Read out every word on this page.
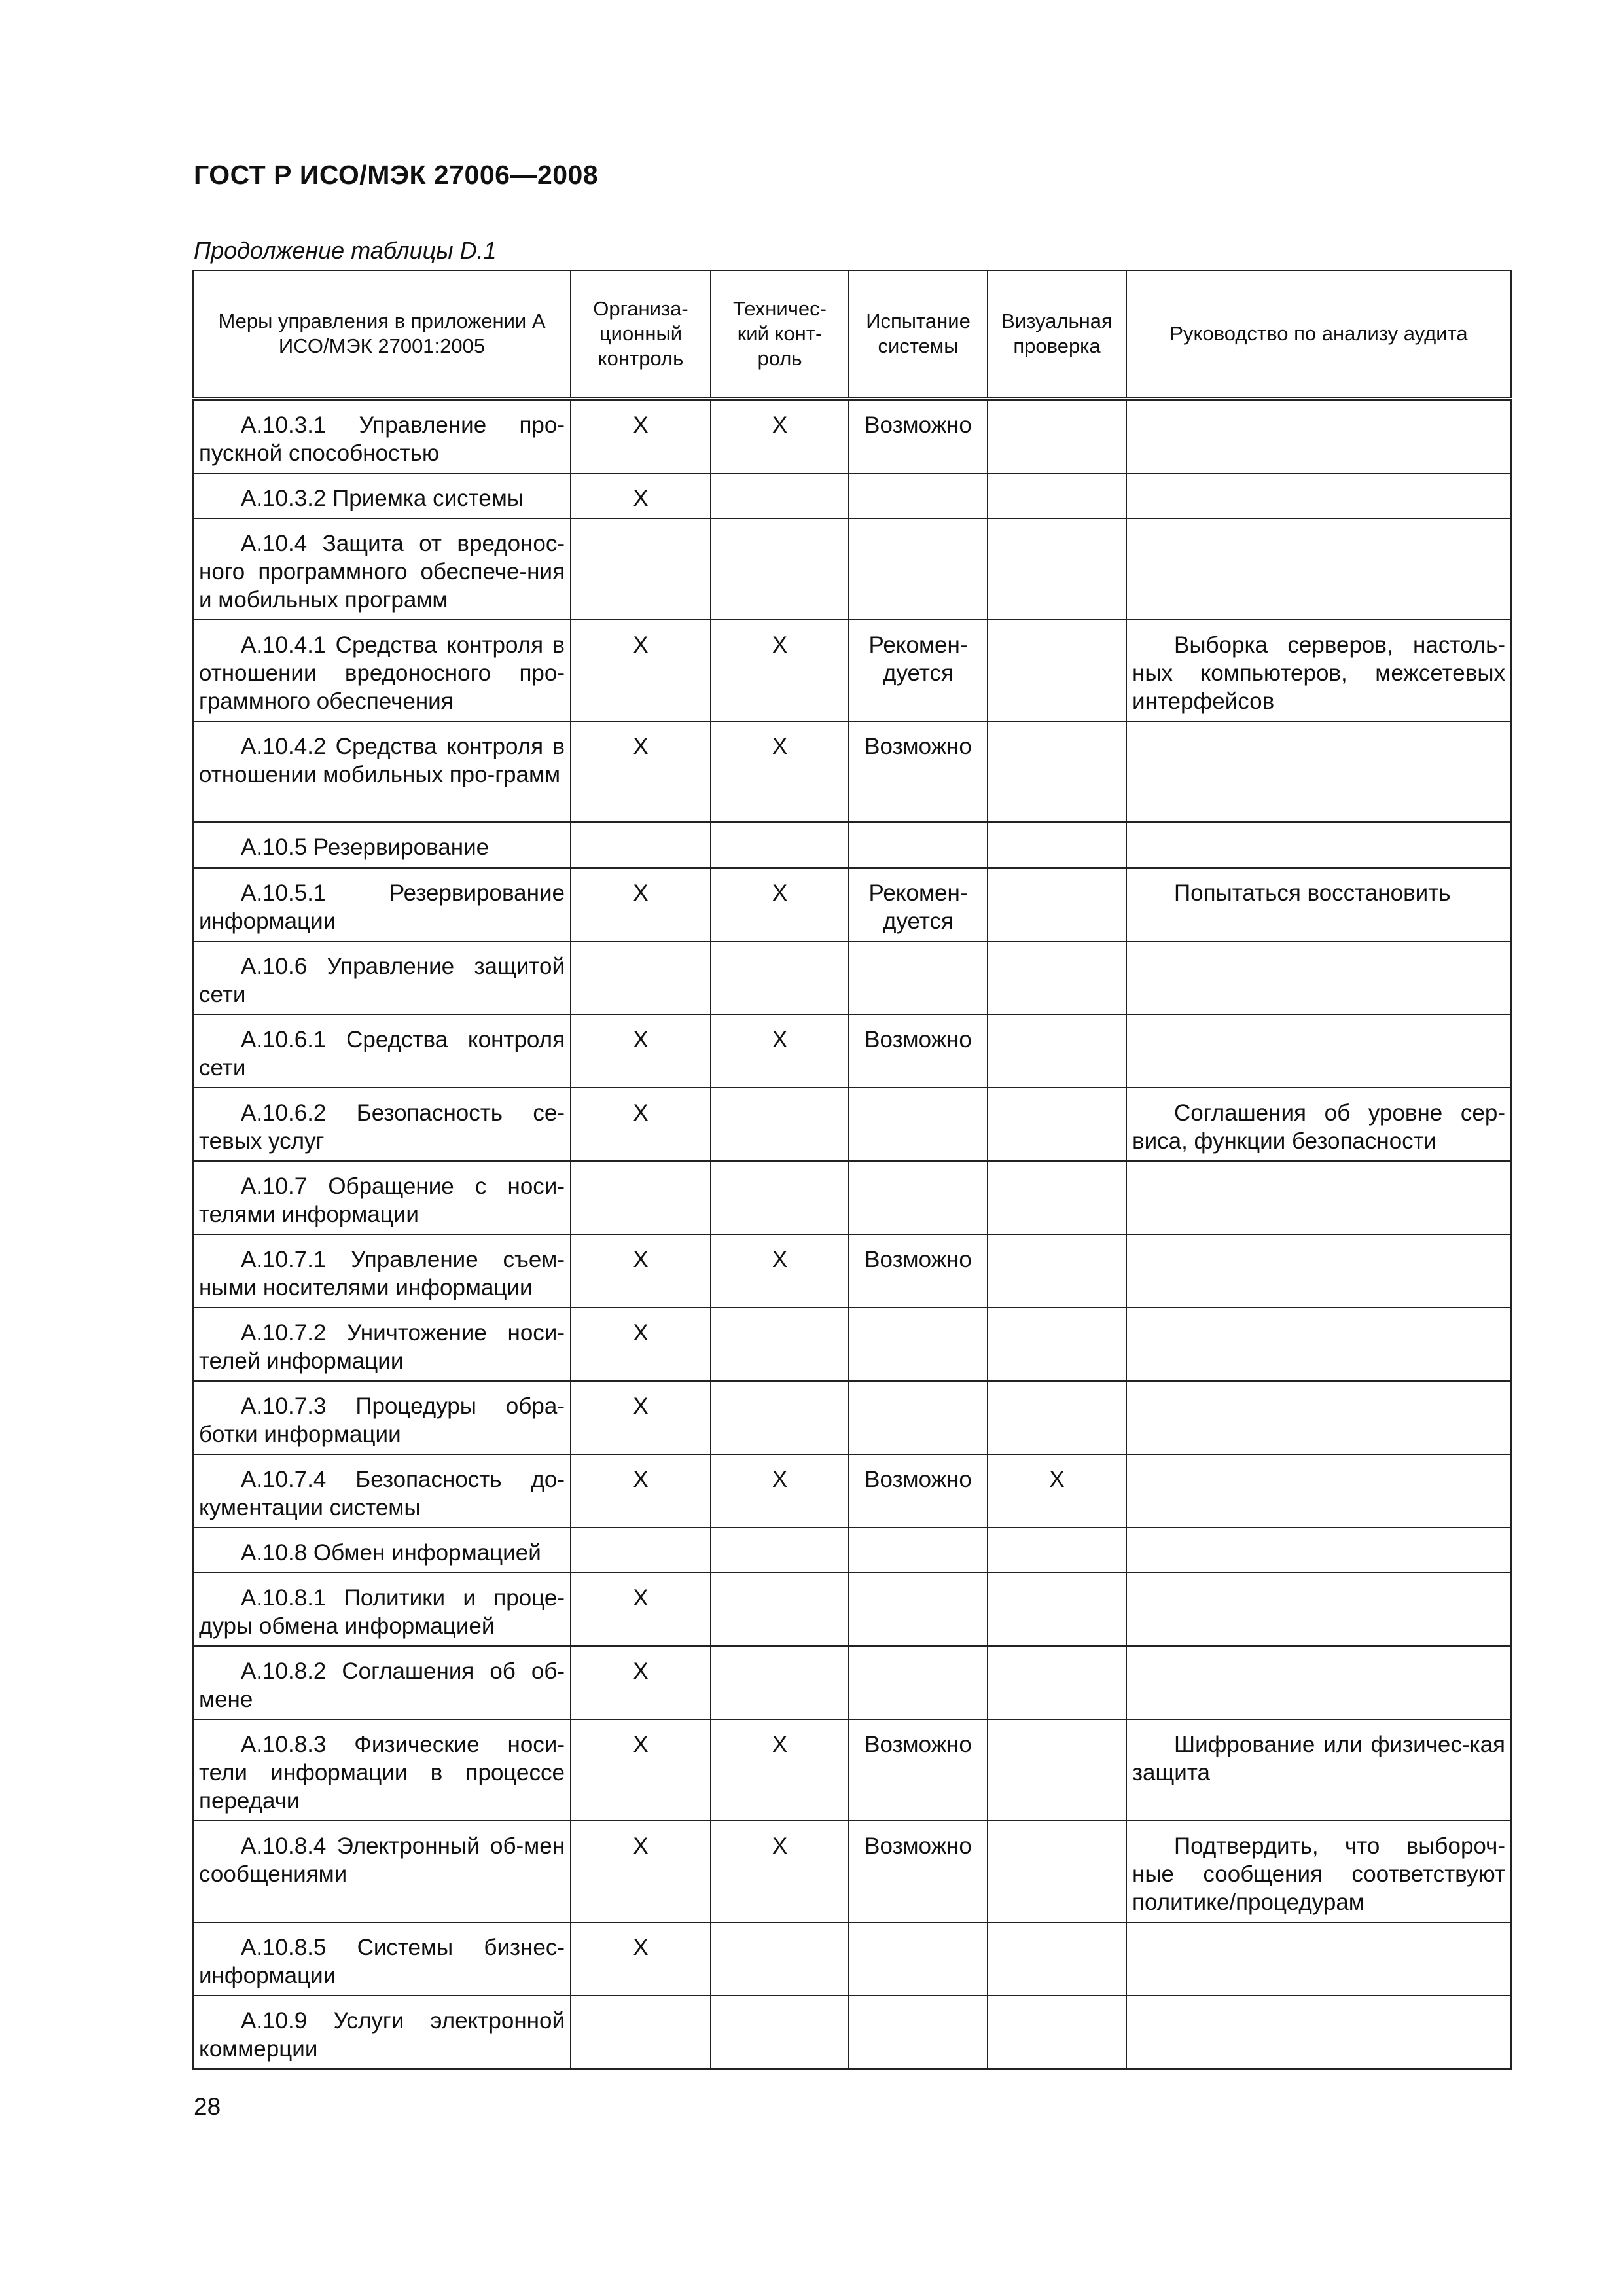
ГОСТ Р ИСО/МЭК 27006—2008
Продолжение таблицы D.1
Меры управления в приложении А ИСО/МЭК 27001:2005	Организа-ционный контроль	Техничес-кий конт-роль	Испытание системы	Визуальная проверка	Руководство по анализу аудита
А.10.3.1 Управление про-пускной способностью	X	X	Возможно		
А.10.3.2 Приемка системы	X				
А.10.4 Защита от вредонос-ного программного обеспече-ния и мобильных программ					
А.10.4.1 Средства контроля в отношении вредоносного про-граммного обеспечения	X	X	Рекомен-дуется		Выборка серверов, настоль-ных компьютеров, межсетевых интерфейсов
А.10.4.2 Средства контроля в отношении мобильных про-грамм	X	X	Возможно		
А.10.5 Резервирование					
А.10.5.1 Резервирование информации	X	X	Рекомен-дуется		Попытаться восстановить
А.10.6 Управление защитой сети					
А.10.6.1 Средства контроля сети	X	X	Возможно		
А.10.6.2 Безопасность се-тевых услуг	X				Соглашения об уровне сер-виса, функции безопасности
А.10.7 Обращение с носи-телями информации					
А.10.7.1 Управление съем-ными носителями информации	X	X	Возможно		
А.10.7.2 Уничтожение носи-телей информации	X				
А.10.7.3 Процедуры обра-ботки информации	X				
А.10.7.4 Безопасность до-кументации системы	X	X	Возможно	X	
А.10.8 Обмен информацией					
А.10.8.1 Политики и проце-дуры обмена информацией	X				
А.10.8.2 Соглашения об об-мене	X				
А.10.8.3 Физические носи-тели информации в процессе передачи	X	X	Возможно		Шифрование или физичес-кая защита
А.10.8.4 Электронный об-мен сообщениями	X	X	Возможно		Подтвердить, что выбороч-ные сообщения соответствуют политике/процедурам
А.10.8.5 Системы бизнес-информации	X				
А.10.9 Услуги электронной коммерции					
28
